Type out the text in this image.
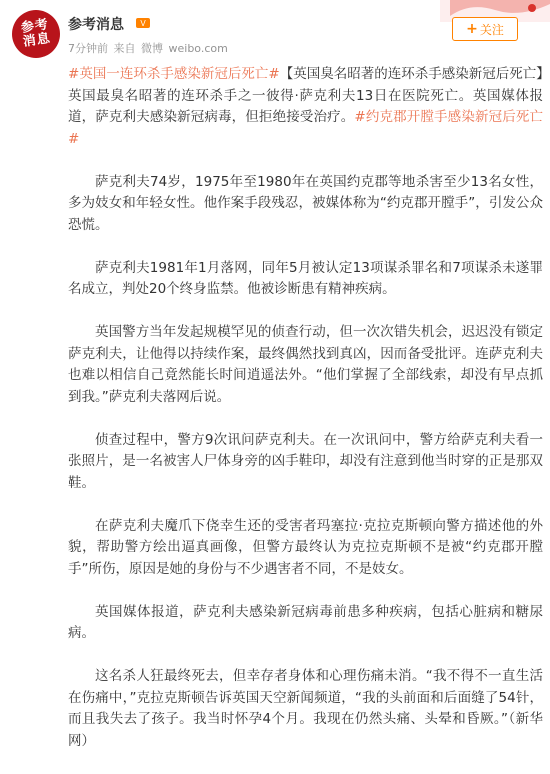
参考
消息
参考消息 V
7分钟前 来自 微博 weibo.com
+ 关注

#英国一连环杀手感染新冠后死亡#【英国臭名昭著的连环杀手感染新冠后死亡】英国最臭名昭著的连环杀手之一彼得·萨克利夫13日在医院死亡。英国媒体报道，萨克利夫感染新冠病毒，但拒绝接受治疗。#约克郡开膛手感染新冠后死亡#

萨克利夫74岁，1975年至1980年在英国约克郡等地杀害至少13名女性，多为妓女和年轻女性。他作案手段残忍，被媒体称为“约克郡开膛手”，引发公众恐慌。

萨克利夫1981年1月落网，同年5月被认定13项谋杀罪名和7项谋杀未遂罪名成立，判处20个终身监禁。他被诊断患有精神疾病。

英国警方当年发起规模罕见的侦查行动，但一次次错失机会，迟迟没有锁定萨克利夫，让他得以持续作案，最终偶然找到真凶，因而备受批评。连萨克利夫也难以相信自己竟然能长时间逍遥法外。“他们掌握了全部线索，却没有早点抓到我。”萨克利夫落网后说。

侦查过程中，警方9次讯问萨克利夫。在一次讯问中，警方给萨克利夫看一张照片，是一名被害人尸体身旁的凶手鞋印，却没有注意到他当时穿的正是那双鞋。

在萨克利夫魔爪下侥幸生还的受害者玛塞拉·克拉克斯顿向警方描述他的外貌，帮助警方绘出逼真画像，但警方最终认为克拉克斯顿不是被“约克郡开膛手”所伤，原因是她的身份与不少遇害者不同，不是妓女。

英国媒体报道，萨克利夫感染新冠病毒前患多种疾病，包括心脏病和糖尿病。

这名杀人狂最终死去，但幸存者身体和心理伤痛未消。“我不得不一直生活在伤痛中，”克拉克斯顿告诉英国天空新闻频道，“我的头前面和后面缝了54针，而且我失去了孩子。我当时怀孕4个月。我现在仍然头痛、头晕和昏厥。”（新华网）
